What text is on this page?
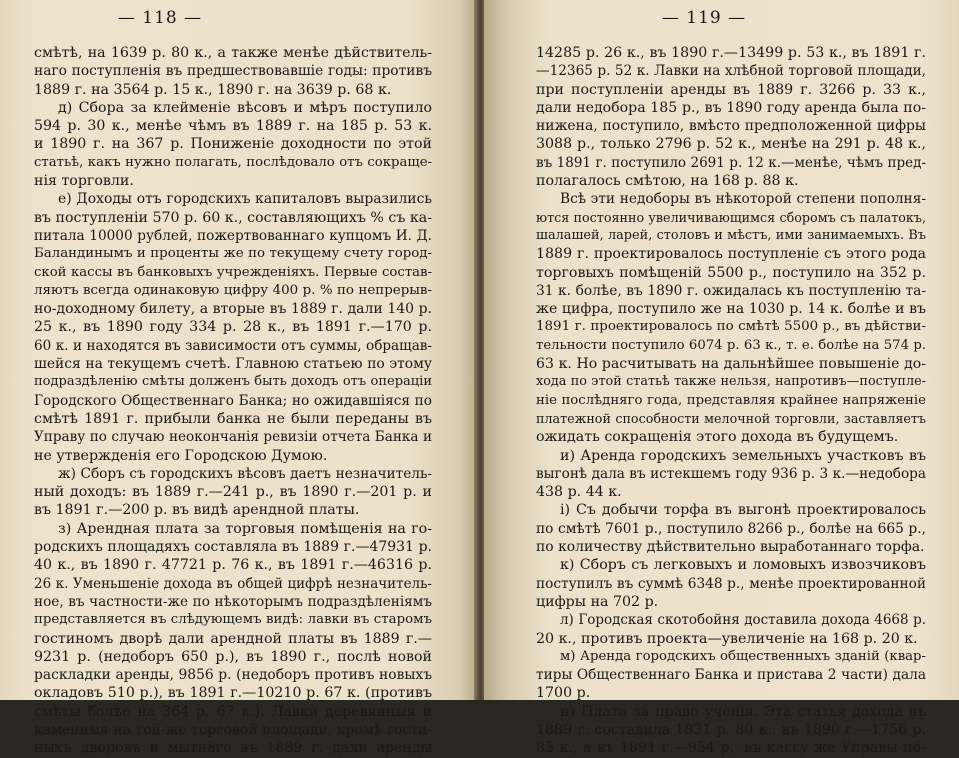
— 118 —
смѣтѣ, на 1639 р. 80 к., а также менѣе дѣйствитель-
наго поступленія въ предшествовавшіе годы: противъ
1889 г. на 3564 р. 15 к., 1890 г. на 3639 р. 68 к.
д) Сбора за клейменіе вѣсовъ и мѣръ поступило
594 р. 30 к., менѣе чѣмъ въ 1889 г. на 185 р. 53 к.
и 1890 г. на 367 р. Пониженіе доходности по этой
статьѣ, какъ нужно полагать, послѣдовало отъ сокраще-
нія торговли.
е) Доходы отъ городскихъ капиталовъ выразились
въ поступленіи 570 р. 60 к., составляющихъ % съ ка-
питала 10000 рублей, пожертвованнаго купцомъ И. Д.
Баландинымъ и проценты же по текущему счету город-
ской кассы въ банковыхъ учрежденіяхъ. Первые состав-
ляютъ всегда одинаковую цифру 400 р. % по непрерыв-
но-доходному билету, а вторые въ 1889 г. дали 140 р.
25 к., въ 1890 году 334 р. 28 к., въ 1891 г.—170 р.
60 к. и находятся въ зависимости отъ суммы, обращав-
шейся на текущемъ счетѣ. Главною статьею по этому
подраздѣленію смѣты долженъ быть доходъ отъ операціи
Городского Общественнаго Банка; но ожидавшіяся по
смѣтѣ 1891 г. прибыли банка не были переданы въ
Управу по случаю неокончанія ревизіи отчета Банка и
не утвержденія его Городскою Думою.
ж) Сборъ съ городскихъ вѣсовъ даетъ незначитель-
ный доходъ: въ 1889 г.—241 р., въ 1890 г.—201 р. и
въ 1891 г.—200 р. въ видѣ арендной платы.
з) Арендная плата за торговыя помѣщенія на го-
родскихъ площадяхъ составляла въ 1889 г.—47931 р.
40 к., въ 1890 г. 47721 р. 76 к., въ 1891 г.—46316 р.
26 к. Уменьшеніе дохода въ общей цифрѣ незначитель-
ное, въ частности-же по нѣкоторымъ подраздѣленіямъ
представляется въ слѣдующемъ видѣ: лавки въ старомъ
гостиномъ дворѣ дали арендной платы въ 1889 г.—
9231 р. (недоборъ 650 р.), въ 1890 г., послѣ новой
раскладки аренды, 9856 р. (недоборъ противъ новыхъ
окладовъ 510 р.), въ 1891 г.—10210 р. 67 к. (противъ
смѣты болѣе на 364 р. 67 к.). Лавки деревянныя и
каменныя на той-же торговой площади, кромѣ гости-
ныхъ дворовъ и мытнаго въ 1889 г. дали аренды
— 119 —
14285 р. 26 к., въ 1890 г.—13499 р. 53 к., въ 1891 г.
—12365 р. 52 к. Лавки на хлѣбной торговой площади,
при поступленіи аренды въ 1889 г. 3266 р. 33 к.,
дали недобора 185 р., въ 1890 году аренда была по-
нижена, поступило, вмѣсто предположенной цифры
3088 р., только 2796 р. 52 к., менѣе на 291 р. 48 к.,
въ 1891 г. поступило 2691 р. 12 к.—менѣе, чѣмъ пред-
полагалось смѣтою, на 168 р. 88 к.
Всѣ эти недоборы въ нѣкоторой степени пополня-
ются постоянно увеличивающимся сборомъ съ палатокъ,
шалашей, ларей, столовъ и мѣстъ, ими занимаемыхъ. Въ
1889 г. проектировалось поступленіе съ этого рода
торговыхъ помѣщеній 5500 р., поступило на 352 р.
31 к. болѣе, въ 1890 г. ожидалась къ поступленію та-
же цифра, поступило же на 1030 р. 14 к. болѣе и въ
1891 г. проектировалось по смѣтѣ 5500 р., въ дѣйстви-
тельности поступило 6074 р. 63 к., т. е. болѣе на 574 р.
63 к. Но расчитывать на дальнѣйшее повышеніе до-
хода по этой статьѣ также нельзя, напротивъ—поступле-
ніе послѣдняго года, представляя крайнее напряженіе
платежной способности мелочной торговли, заставляетъ
ожидать сокращенія этого дохода въ будущемъ.
и) Аренда городскихъ земельныхъ участковъ въ
выгонѣ дала въ истекшемъ году 936 р. 3 к.—недобора
438 р. 44 к.
і) Съ добычи торфа въ выгонѣ проектировалось
по смѣтѣ 7601 р., поступило 8266 р., болѣе на 665 р.,
по количеству дѣйствительно выработаннаго торфа.
к) Сборъ съ легковыхъ и ломовыхъ извозчиковъ
поступилъ въ суммѣ 6348 р., менѣе проектированной
цифры на 702 р.
л) Городская скотобойня доставила дохода 4668 р.
20 к., противъ проекта—увеличеніе на 168 р. 20 к.
м) Аренда городскихъ общественныхъ зданій (квар-
тиры Общественнаго Банка и пристава 2 части) дала
1700 р.
н) Плата за право ученія. Эта статья дохода въ
1889 г. составила 1831 р. 80 к., въ 1890 г.—1756 р.
85 к., а въ 1891 г.—954 р., въ кассу же Управы по-
